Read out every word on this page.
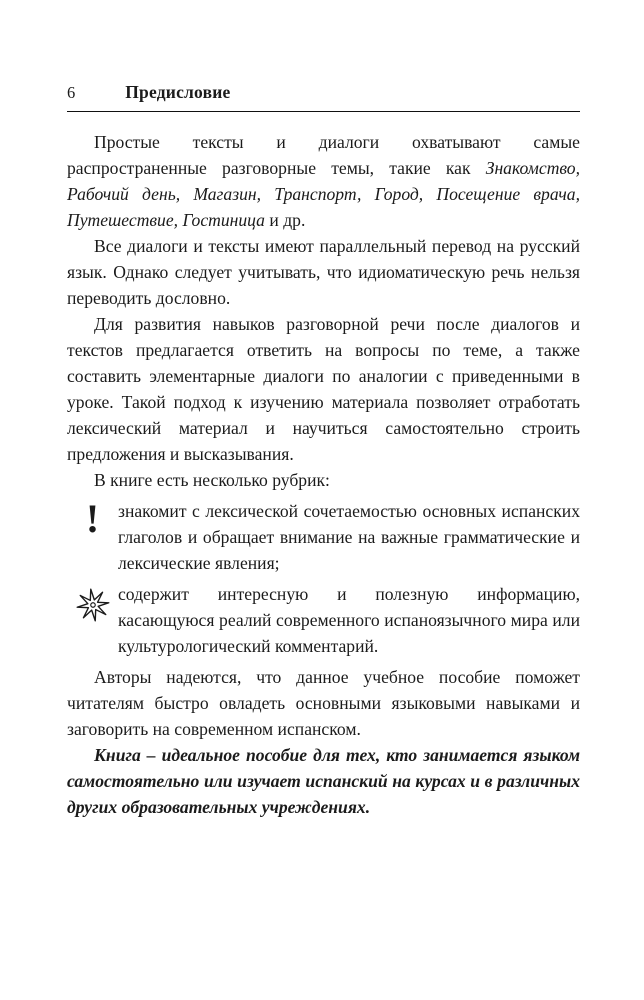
6	Предисловие

Простые тексты и диалоги охватывают самые распространенные разговорные темы, такие как Знакомство, Рабочий день, Магазин, Транспорт, Город, Посещение врача, Путешествие, Гостиница и др.

Все диалоги и тексты имеют параллельный перевод на русский язык. Однако следует учитывать, что идиоматическую речь нельзя переводить дословно.

Для развития навыков разговорной речи после диалогов и текстов предлагается ответить на вопросы по теме, а также составить элементарные диалоги по аналогии с приведенными в уроке. Такой подход к изучению материала позволяет отработать лексический материал и научиться самостоятельно строить предложения и высказывания.

В книге есть несколько рубрик:

! знакомит с лексической сочетаемостью основных испанских глаголов и обращает внимание на важные грамматические и лексические явления;

содержит интересную и полезную информацию, касающуюся реалий современного испаноязычного мира или культурологический комментарий.

Авторы надеются, что данное учебное пособие поможет читателям быстро овладеть основными языковыми навыками и заговорить на современном испанском.

Книга – идеальное пособие для тех, кто занимается языком самостоятельно или изучает испанский на курсах и в различных других образовательных учреждениях.
